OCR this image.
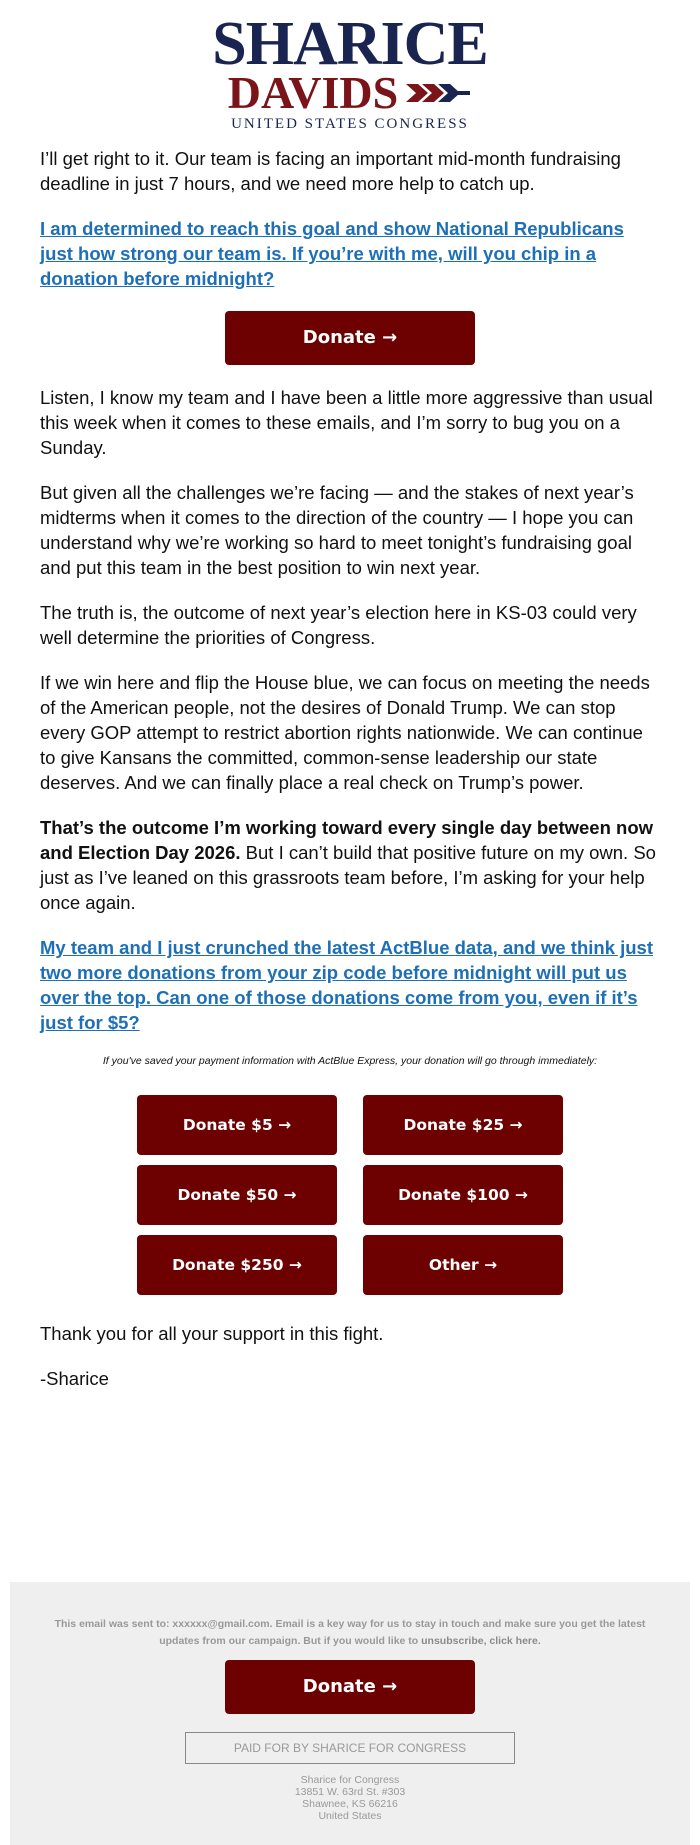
SHARICE
DAVIDS
UNITED STATES CONGRESS

I’ll get right to it. Our team is facing an important mid-month fundraising deadline in just 7 hours, and we need more help to catch up.

I am determined to reach this goal and show National Republicans just how strong our team is. If you’re with me, will you chip in a donation before midnight?
Donate →

Listen, I know my team and I have been a little more aggressive than usual this week when it comes to these emails, and I’m sorry to bug you on a Sunday.

But given all the challenges we’re facing — and the stakes of next year’s midterms when it comes to the direction of the country — I hope you can understand why we’re working so hard to meet tonight’s fundraising goal and put this team in the best position to win next year.

The truth is, the outcome of next year’s election here in KS-03 could very well determine the priorities of Congress.

If we win here and flip the House blue, we can focus on meeting the needs of the American people, not the desires of Donald Trump. We can stop every GOP attempt to restrict abortion rights nationwide. We can continue to give Kansans the committed, common-sense leadership our state deserves. And we can finally place a real check on Trump’s power.

That’s the outcome I’m working toward every single day between now and Election Day 2026. But I can’t build that positive future on my own. So just as I’ve leaned on this grassroots team before, I’m asking for your help once again.

My team and I just crunched the latest ActBlue data, and we think just two more donations from your zip code before midnight will put us over the top. Can one of those donations come from you, even if it’s just for $5?
If you've saved your payment information with ActBlue Express, your donation will go through immediately:
Donate $5 →	Donate $25 →
Donate $50 →	Donate $100 →
Donate $250 →	Other →

Thank you for all your support in this fight.

-Sharice

This email was sent to: xxxxxx@gmail.com. Email is a key way for us to stay in touch and make sure you get the latest updates from our campaign. But if you would like to unsubscribe, click here.
Donate →
PAID FOR BY SHARICE FOR CONGRESS
Sharice for Congress
13851 W. 63rd St. #303
Shawnee, KS 66216
United States
